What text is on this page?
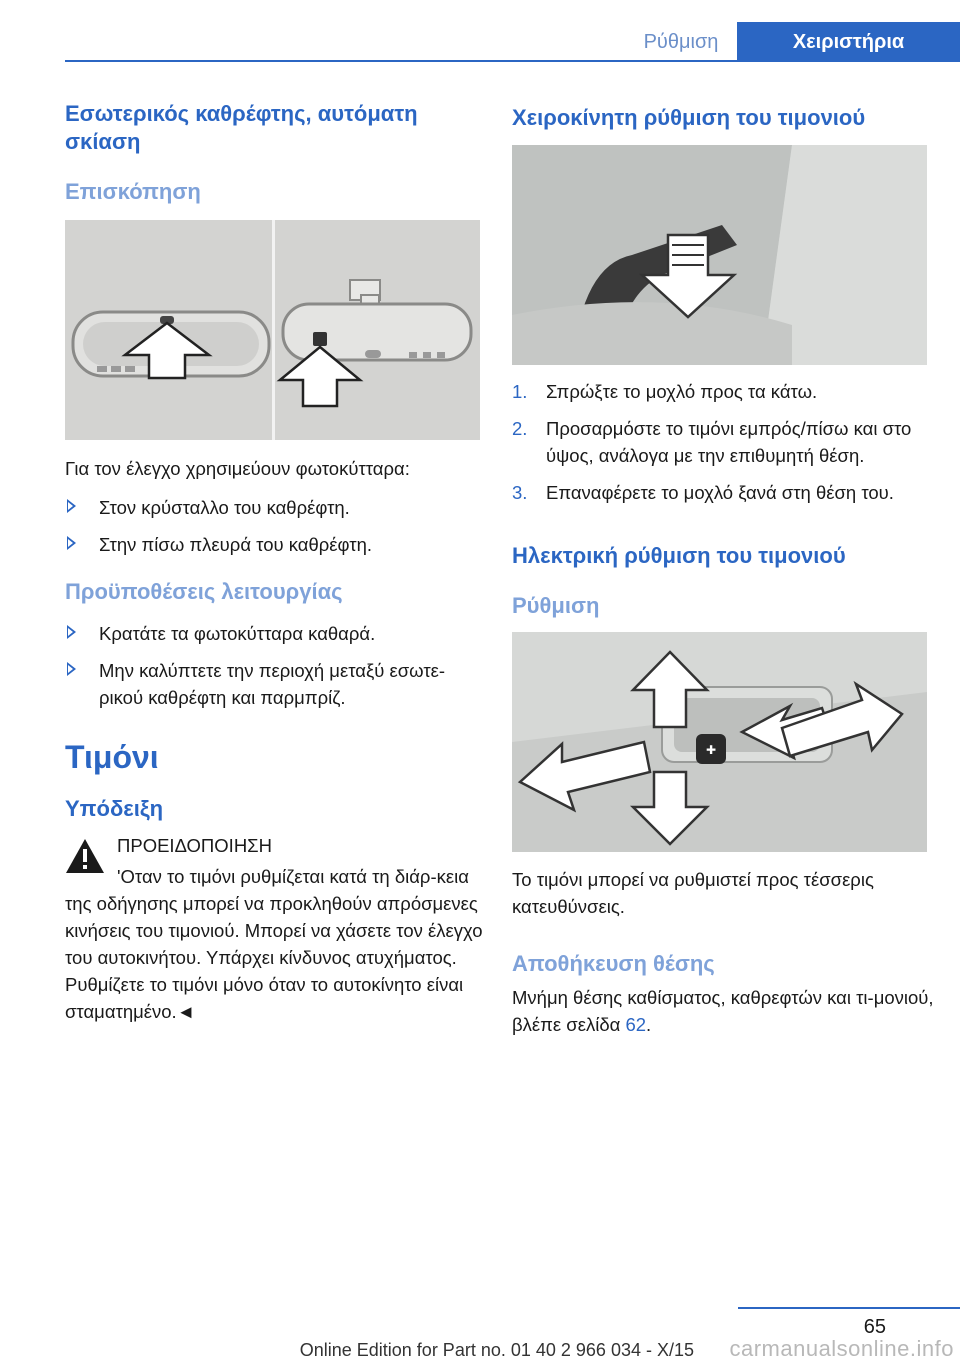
Ρύθμιση	Χειριστήρια
Εσωτερικός καθρέφτης, αυτόματη σκίαση
Επισκόπηση

Για τον έλεγχο χρησιμεύουν φωτοκύτταρα:

Στον κρύσταλλο του καθρέφτη.
Στην πίσω πλευρά του καθρέφτη.
Προϋποθέσεις λειτουργίας
Κρατάτε τα φωτοκύτταρα καθαρά.
Μην καλύπτετε την περιοχή μεταξύ εσωτε-ρικού καθρέφτη και παρμπρίζ.
Τιμόνι
Υπόδειξη
ΠΡΟΕΙΔΟΠΟΙΗΣΗ

'Οταν το τιμόνι ρυθμίζεται κατά τη διάρ-κεια της οδήγησης μπορεί να προκληθούν απρόσμενες κινήσεις του τιμονιού. Μπορεί να χάσετε τον έλεγχο του αυτοκινήτου. Υπάρχει κίνδυνος ατυχήματος. Ρυθμίζετε το τιμόνι μόνο όταν το αυτοκίνητο είναι σταματημένο.◄

Χειροκίνητη ρύθμιση του τιμονιού
1. Σπρώξτε το μοχλό προς τα κάτω.
2. Προσαρμόστε το τιμόνι εμπρός/πίσω και στο ύψος, ανάλογα με την επιθυμητή θέση.
3. Επαναφέρετε το μοχλό ξανά στη θέση του.
Ηλεκτρική ρύθμιση του τιμονιού
Ρύθμιση
✚

Το τιμόνι μπορεί να ρυθμιστεί προς τέσσερις κατευθύνσεις.

Αποθήκευση θέσης

Μνήμη θέσης καθίσματος, καθρεφτών και τι-μονιού, βλέπε σελίδα 62.

65
Online Edition for Part no. 01 40 2 966 034 - X/15 carmanualsonline.info
